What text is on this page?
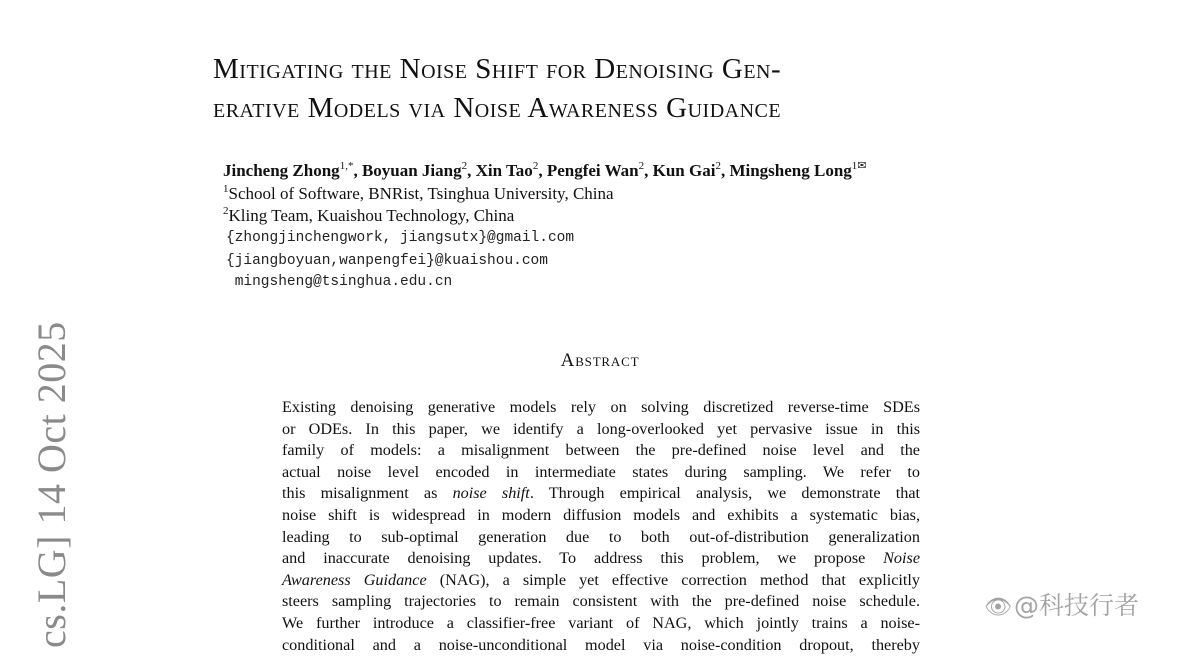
Mitigating the Noise Shift for Denoising Gen-
erative Models via Noise Awareness Guidance
Jincheng Zhong$^{1,*}$, Boyuan Jiang$^2$, Xin Tao$^2$, Pengfei Wan$^2$, Kun Gai$^2$, Mingsheng Long$^{1✉}$
$^1$School of Software, BNRist, Tsinghua University, China
$^2$Kling Team, Kuaishou Technology, China
{zhongjinchengwork, jiangsutx}@gmail.com
{jiangboyuan,wanpengfei}@kuaishou.com
mingsheng@tsinghua.edu.cn
Abstract
Existing denoising generative models rely on solving discretized reverse-time SDEs
or ODEs. In this paper, we identify a long-overlooked yet pervasive issue in this
family of models: a misalignment between the pre-defined noise level and the
actual noise level encoded in intermediate states during sampling. We refer to
this misalignment as noise shift. Through empirical analysis, we demonstrate that
noise shift is widespread in modern diffusion models and exhibits a systematic bias,
leading to sub-optimal generation due to both out-of-distribution generalization
and inaccurate denoising updates. To address this problem, we propose Noise
Awareness Guidance (NAG), a simple yet effective correction method that explicitly
steers sampling trajectories to remain consistent with the pre-defined noise schedule.
We further introduce a classifier-free variant of NAG, which jointly trains a noise-
conditional and a noise-unconditional model via noise-condition dropout, thereby
cs.LG] 14 Oct 2025	👁@科技行者
